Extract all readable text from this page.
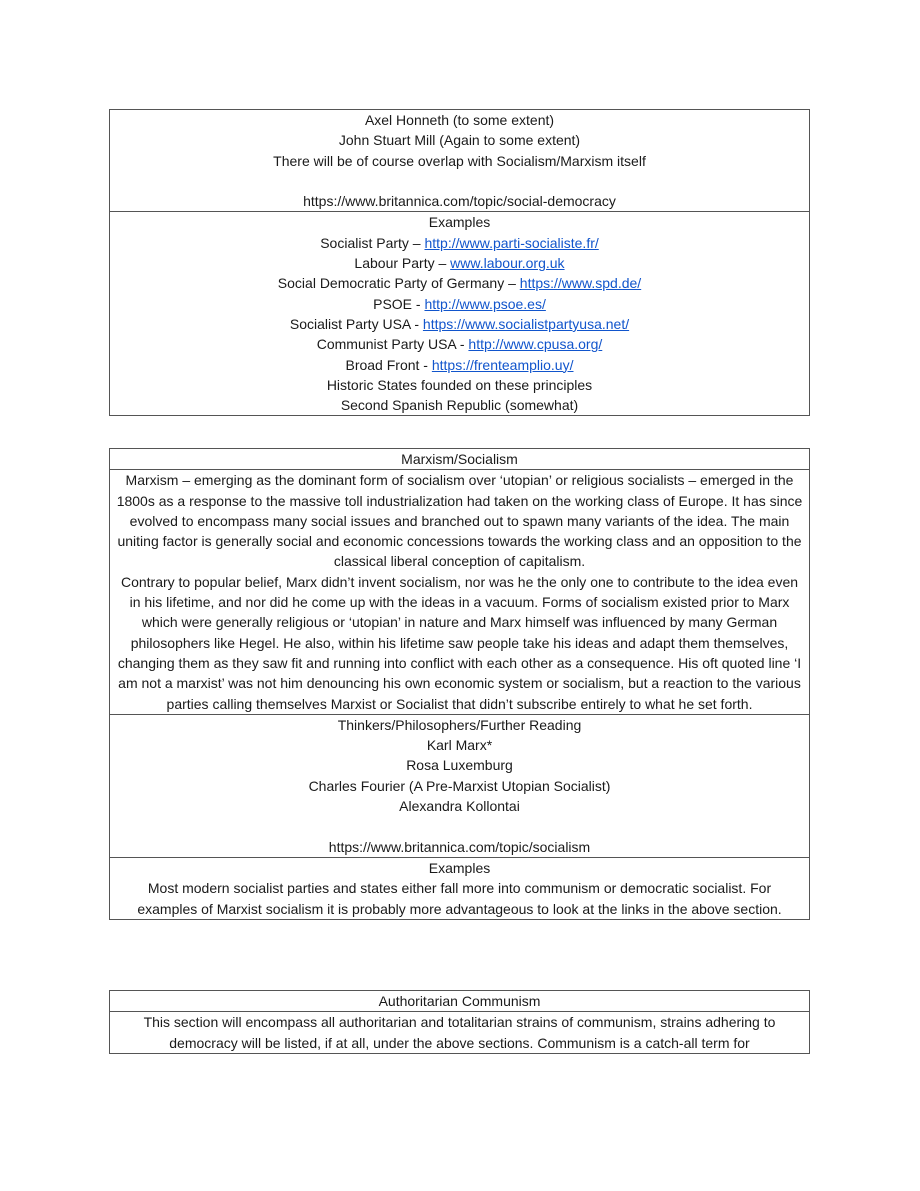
Axel Honneth (to some extent)
John Stuart Mill (Again to some extent)
There will be of course overlap with Socialism/Marxism itself
https://www.britannica.com/topic/social-democracy
Examples
Socialist Party – http://www.parti-socialiste.fr/
Labour Party – www.labour.org.uk
Social Democratic Party of Germany – https://www.spd.de/
PSOE - http://www.psoe.es/
Socialist Party USA - https://www.socialistpartyusa.net/
Communist Party USA - http://www.cpusa.org/
Broad Front - https://frenteamplio.uy/
Historic States founded on these principles
Second Spanish Republic (somewhat)
Marxism/Socialism
Marxism – emerging as the dominant form of socialism over ‘utopian’ or religious socialists – emerged in the 1800s as a response to the massive toll industrialization had taken on the working class of Europe. It has since evolved to encompass many social issues and branched out to spawn many variants of the idea. The main uniting factor is generally social and economic concessions towards the working class and an opposition to the classical liberal conception of capitalism.
Contrary to popular belief, Marx didn’t invent socialism, nor was he the only one to contribute to the idea even in his lifetime, and nor did he come up with the ideas in a vacuum. Forms of socialism existed prior to Marx which were generally religious or ‘utopian’ in nature and Marx himself was influenced by many German philosophers like Hegel. He also, within his lifetime saw people take his ideas and adapt them themselves, changing them as they saw fit and running into conflict with each other as a consequence. His oft quoted line ‘I am not a marxist’ was not him denouncing his own economic system or socialism, but a reaction to the various parties calling themselves Marxist or Socialist that didn’t subscribe entirely to what he set forth.
Thinkers/Philosophers/Further Reading
Karl Marx*
Rosa Luxemburg
Charles Fourier (A Pre-Marxist Utopian Socialist)
Alexandra Kollontai
https://www.britannica.com/topic/socialism
Examples
Most modern socialist parties and states either fall more into communism or democratic socialist. For examples of Marxist socialism it is probably more advantageous to look at the links in the above section.
Authoritarian Communism
This section will encompass all authoritarian and totalitarian strains of communism, strains adhering to democracy will be listed, if at all, under the above sections. Communism is a catch-all term for
